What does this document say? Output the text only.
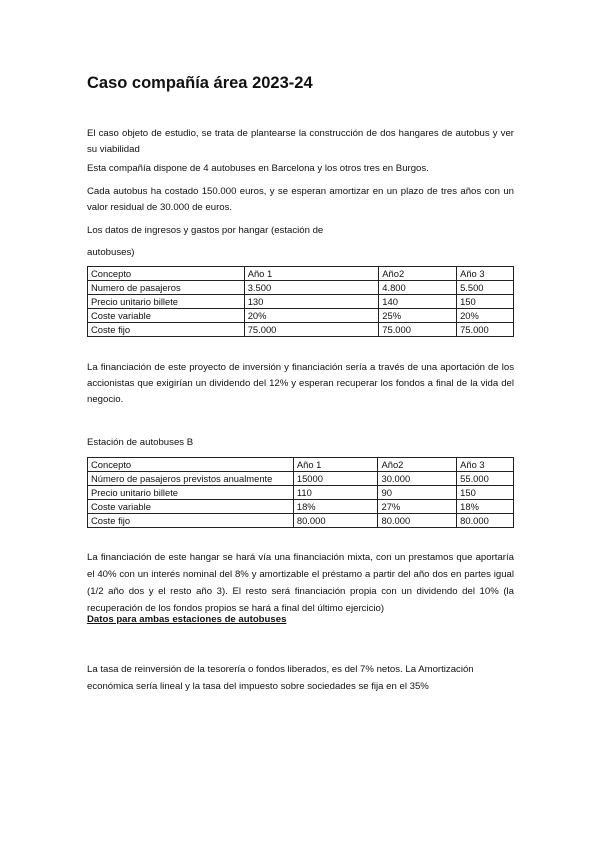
Caso compañía área 2023-24

El caso objeto de estudio, se trata de plantearse la construcción de dos hangares de autobus y ver su viabilidad

Esta compañía dispone de 4 autobuses en Barcelona y los otros tres en Burgos.

Cada autobus ha costado 150.000 euros, y se esperan amortizar en un plazo de tres años con un valor residual de 30.000 de euros.

Los datos de ingresos y gastos por hangar (estación de

autobuses)

Concepto	Año 1	Año2	Año 3
Numero de pasajeros	3.500	4.800	5.500
Precio unitario billete	130	140	150
Coste variable	20%	25%	20%
Coste fijo	75.000	75.000	75.000

La financiación de este proyecto de inversión y financiación sería a través de una aportación de los accionistas que exigirían un dividendo del 12% y esperan recuperar los fondos a final de la vida del negocio.

Estación de autobuses B

Concepto	Año 1	Año2	Año 3
Número de pasajeros previstos anualmente	15000	30.000	55.000
Precio unitario billete	110	90	150
Coste variable	18%	27%	18%
Coste fijo	80.000	80.000	80.000

La financiación de este hangar se hará vía una financiación mixta, con un prestamos que aportaría el 40% con un interés nominal del 8% y amortizable el préstamo a partir del año dos en partes igual (1/2 año dos y el resto año 3). El resto será financiación propia con un dividendo del 10% (la recuperación de los fondos propios se hará a final del último ejercicio)

Datos para ambas estaciones de autobuses

La tasa de reinversión de la tesorería o fondos liberados, es del 7% netos. La Amortización económica sería lineal y la tasa del impuesto sobre sociedades se fija en el 35%
